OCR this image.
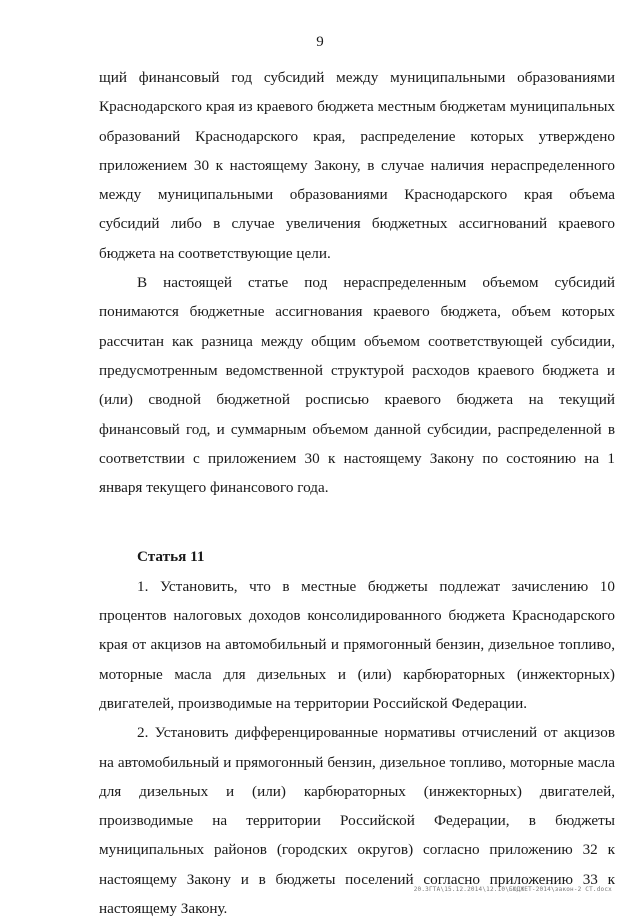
9

щий финансовый год субсидий между муниципальными образованиями Краснодарского края из краевого бюджета местным бюджетам муниципальных образований Краснодарского края, распределение которых утверждено приложением 30 к настоящему Закону, в случае наличия нераспределенного между муниципальными образованиями Краснодарского края объема субсидий либо в случае увеличения бюджетных ассигнований краевого бюджета на соответствующие цели.

В настоящей статье под нераспределенным объемом субсидий понимаются бюджетные ассигнования краевого бюджета, объем которых рассчитан как разница между общим объемом соответствующей субсидии, предусмотренным ведомственной структурой расходов краевого бюджета и (или) сводной бюджетной росписью краевого бюджета на текущий финансовый год, и суммарным объемом данной субсидии, распределенной в соответствии с приложением 30 к настоящему Закону по состоянию на 1 января текущего финансового года.

Статья 11

1. Установить, что в местные бюджеты подлежат зачислению 10 процентов налоговых доходов консолидированного бюджета Краснодарского края от акцизов на автомобильный и прямогонный бензин, дизельное топливо, моторные масла для дизельных и (или) карбюраторных (инжекторных) двигателей, производимые на территории Российской Федерации.

2. Установить дифференцированные нормативы отчислений от акцизов на автомобильный и прямогонный бензин, дизельное топливо, моторные масла для дизельных и (или) карбюраторных (инжекторных) двигателей, производимые на территории Российской Федерации, в бюджеты муниципальных районов (городских округов) согласно приложению 32 к настоящему Закону и в бюджеты поселений согласно приложению 33 к настоящему Закону.

20.3ГТА\15.12.2014\12.10\БЮДЖЕТ-2014\закон-2 СТ.docx
